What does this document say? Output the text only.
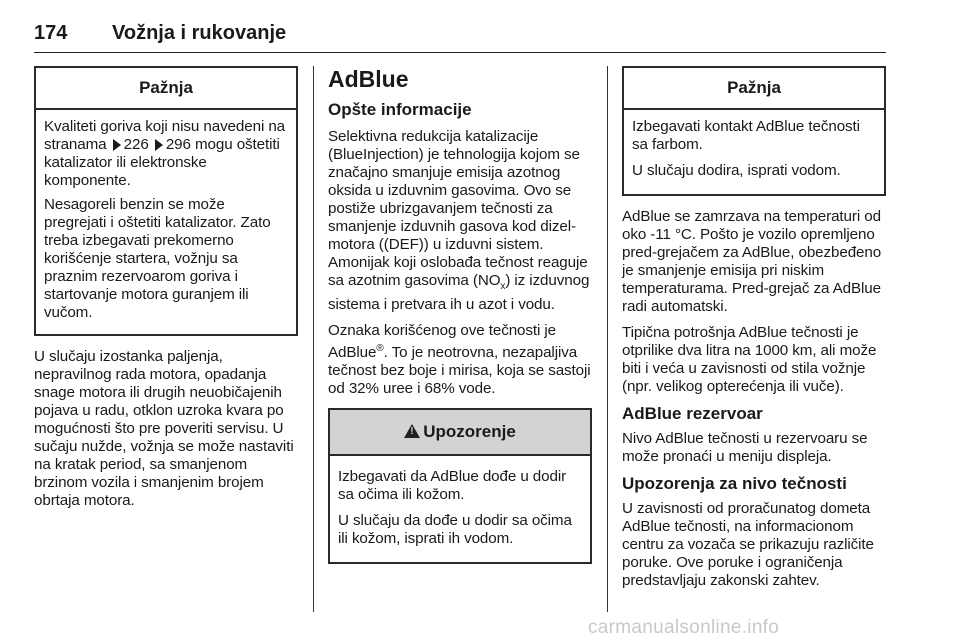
174 Vožnja i rukovanje
Pažnja

Kvaliteti goriva koji nisu navedeni na stranama 226 296 mogu oštetiti katalizator ili elektronske komponente.

Nesagoreli benzin se može pregrejati i oštetiti katalizator. Zato treba izbegavati prekomerno korišćenje startera, vožnju sa praznim rezervoarom goriva i startovanje motora guranjem ili vučom.

U slučaju izostanka paljenja, nepravilnog rada motora, opadanja snage motora ili drugih neuobičajenih pojava u radu, otklon uzroka kvara po mogućnosti što pre poveriti servisu. U sučaju nužde, vožnja se može nastaviti na kratak period, sa smanjenom brzinom vozila i smanjenim brojem obrtaja motora.

AdBlue
Opšte informacije

Selektivna redukcija katalizacije (BlueInjection) je tehnologija kojom se značajno smanjuje emisija azotnog oksida u izduvnim gasovima. Ovo se postiže ubrizgavanjem tečnosti za smanjenje izduvnih gasova kod dizel-motora ((DEF)) u izduvni sistem. Amonijak koji oslobađa tečnost reaguje sa azotnim gasovima $(NO_x)$ iz izduvnog sistema i pretvara ih u azot i vodu.

Oznaka korišćenog ove tečnosti je AdBlue®. To je neotrovna, nezapaljiva tečnost bez boje i mirisa, koja se sastoji od 32% uree i 68% vode.

!Upozorenje

Izbegavati da AdBlue dođe u dodir sa očima ili kožom.

U slučaju da dođe u dodir sa očima ili kožom, isprati ih vodom.

Pažnja

Izbegavati kontakt AdBlue tečnosti sa farbom.

U slučaju dodira, isprati vodom.

AdBlue se zamrzava na temperaturi od oko -11 °C. Pošto je vozilo opremljeno pred-grejačem za AdBlue, obezbeđeno je smanjenje emisija pri niskim temperaturama. Pred-grejač za AdBlue radi automatski.

Tipična potrošnja AdBlue tečnosti je otprilike dva litra na 1000 km, ali može biti i veća u zavisnosti od stila vožnje (npr. velikog opterećenja ili vuče).

AdBlue rezervoar

Nivo AdBlue tečnosti u rezervoaru se može pronaći u meniju displeja.

Upozorenja za nivo tečnosti

U zavisnosti od proračunatog dometa AdBlue tečnosti, na informacionom centru za vozača se prikazuju različite poruke. Ove poruke i ograničenja predstavljaju zakonski zahtev.

carmanualsonline.info
